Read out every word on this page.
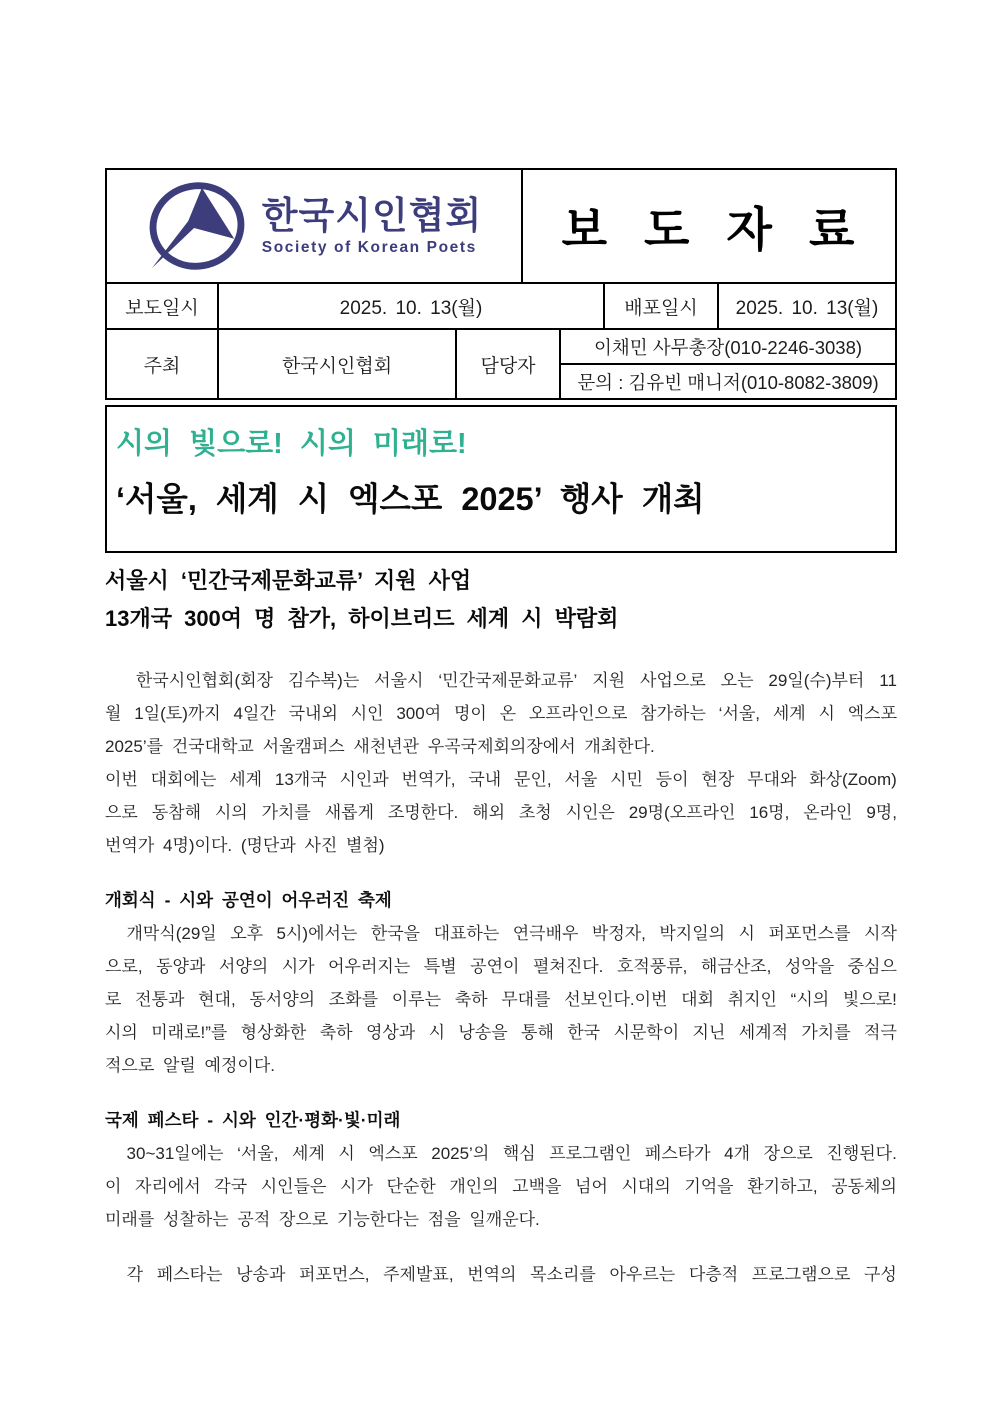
한국시인협회
Society of Korean Poets	보 도 자 료
보도일시	2025. 10. 13(월)	배포일시	2025. 10. 13(월)
주최	한국시인협회	담당자
이채민 사무총장(010-2246-3038)
문의 : 김유빈 매니저(010-8082-3809)
시의 빛으로! 시의 미래로!
‘서울, 세계 시 엑스포 2025’ 행사 개최
서울시 ‘민간국제문화교류’ 지원 사업
13개국 300여 명 참가, 하이브리드 세계 시 박람회
한국시인협회(회장 김수복)는 서울시 ‘민간국제문화교류’ 지원 사업으로 오는 29일(수)부터 11
월 1일(토)까지 4일간 국내외 시인 300여 명이 온 오프라인으로 참가하는 ‘서울, 세계 시 엑스포
2025’를 건국대학교 서울캠퍼스 새천년관 우곡국제회의장에서 개최한다.
이번 대회에는 세계 13개국 시인과 번역가, 국내 문인, 서울 시민 등이 현장 무대와 화상(Zoom)
으로 동참해 시의 가치를 새롭게 조명한다. 해외 초청 시인은 29명(오프라인 16명, 온라인 9명,
번역가 4명)이다. (명단과 사진 별첨)
개회식 - 시와 공연이 어우러진 축제
개막식(29일 오후 5시)에서는 한국을 대표하는 연극배우 박정자, 박지일의 시 퍼포먼스를 시작
으로, 동양과 서양의 시가 어우러지는 특별 공연이 펼쳐진다. 호적풍류, 해금산조, 성악을 중심으
로 전통과 현대, 동서양의 조화를 이루는 축하 무대를 선보인다.이번 대회 취지인 “시의 빛으로!
시의 미래로!”를 형상화한 축하 영상과 시 낭송을 통해 한국 시문학이 지닌 세계적 가치를 적극
적으로 알릴 예정이다.
국제 페스타 - 시와 인간·평화·빛·미래
30~31일에는 ‘서울, 세계 시 엑스포 2025’의 핵심 프로그램인 페스타가 4개 장으로 진행된다.
이 자리에서 각국 시인들은 시가 단순한 개인의 고백을 넘어 시대의 기억을 환기하고, 공동체의
미래를 성찰하는 공적 장으로 기능한다는 점을 일깨운다.
각 페스타는 낭송과 퍼포먼스, 주제발표, 번역의 목소리를 아우르는 다층적 프로그램으로 구성
